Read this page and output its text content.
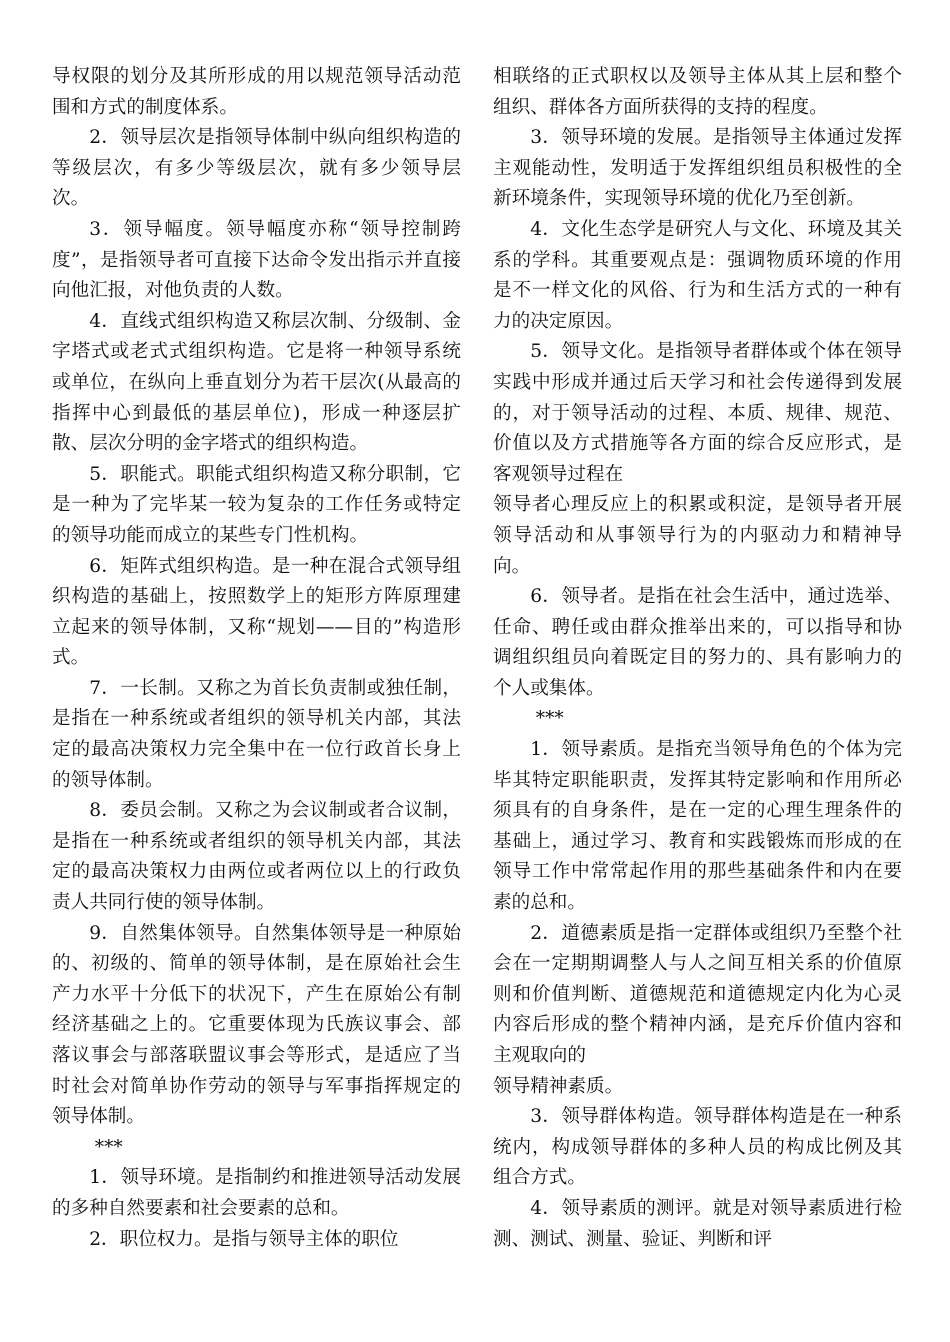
导权限的划分及其所形成的用以规范领导活动范围和方式的制度体系。

2．领导层次是指领导体制中纵向组织构造的等级层次，有多少等级层次，就有多少领导层次。

3．领导幅度。领导幅度亦称“领导控制跨度”，是指领导者可直接下达命令发出指示并直接向他汇报，对他负责的人数。

4．直线式组织构造又称层次制、分级制、金字塔式或老式式组织构造。它是将一种领导系统或单位，在纵向上垂直划分为若干层次(从最高的指挥中心到最低的基层单位)，形成一种逐层扩散、层次分明的金字塔式的组织构造。

5．职能式。职能式组织构造又称分职制，它是一种为了完毕某一较为复杂的工作任务或特定的领导功能而成立的某些专门性机构。

6．矩阵式组织构造。是一种在混合式领导组织构造的基础上，按照数学上的矩形方阵原理建立起来的领导体制，又称“规划——目的”构造形式。

7．一长制。又称之为首长负责制或独任制，是指在一种系统或者组织的领导机关内部，其法定的最高决策权力完全集中在一位行政首长身上的领导体制。

8．委员会制。又称之为会议制或者合议制，是指在一种系统或者组织的领导机关内部，其法定的最高决策权力由两位或者两位以上的行政负责人共同行使的领导体制。

9．自然集体领导。自然集体领导是一种原始的、初级的、简单的领导体制，是在原始社会生产力水平十分低下的状况下，产生在原始公有制经济基础之上的。它重要体现为氏族议事会、部落议事会与部落联盟议事会等形式，是适应了当时社会对简单协作劳动的领导与军事指挥规定的领导体制。

***

1．领导环境。是指制约和推进领导活动发展的多种自然要素和社会要素的总和。

2．职位权力。是指与领导主体的职位

相联络的正式职权以及领导主体从其上层和整个组织、群体各方面所获得的支持的程度。

3．领导环境的发展。是指领导主体通过发挥主观能动性，发明适于发挥组织组员积极性的全新环境条件，实现领导环境的优化乃至创新。

4．文化生态学是研究人与文化、环境及其关系的学科。其重要观点是：强调物质环境的作用是不一样文化的风俗、行为和生活方式的一种有力的决定原因。

5．领导文化。是指领导者群体或个体在领导实践中形成并通过后天学习和社会传递得到发展的，对于领导活动的过程、本质、规律、规范、价值以及方式措施等各方面的综合反应形式，是客观领导过程在

领导者心理反应上的积累或积淀，是领导者开展领导活动和从事领导行为的内驱动力和精神导向。

6．领导者。是指在社会生活中，通过选举、任命、聘任或由群众推举出来的，可以指导和协调组织组员向着既定目的努力的、具有影响力的个人或集体。

***

1．领导素质。是指充当领导角色的个体为完毕其特定职能职责，发挥其特定影响和作用所必须具有的自身条件，是在一定的心理生理条件的基础上，通过学习、教育和实践锻炼而形成的在领导工作中常常起作用的那些基础条件和内在要素的总和。

2．道德素质是指一定群体或组织乃至整个社会在一定期期调整人与人之间互相关系的价值原则和价值判断、道德规范和道德规定内化为心灵内容后形成的整个精神内涵，是充斥价值内容和主观取向的

领导精神素质。

3．领导群体构造。领导群体构造是在一种系统内，构成领导群体的多种人员的构成比例及其组合方式。

4．领导素质的测评。就是对领导素质进行检测、测试、测量、验证、判断和评
